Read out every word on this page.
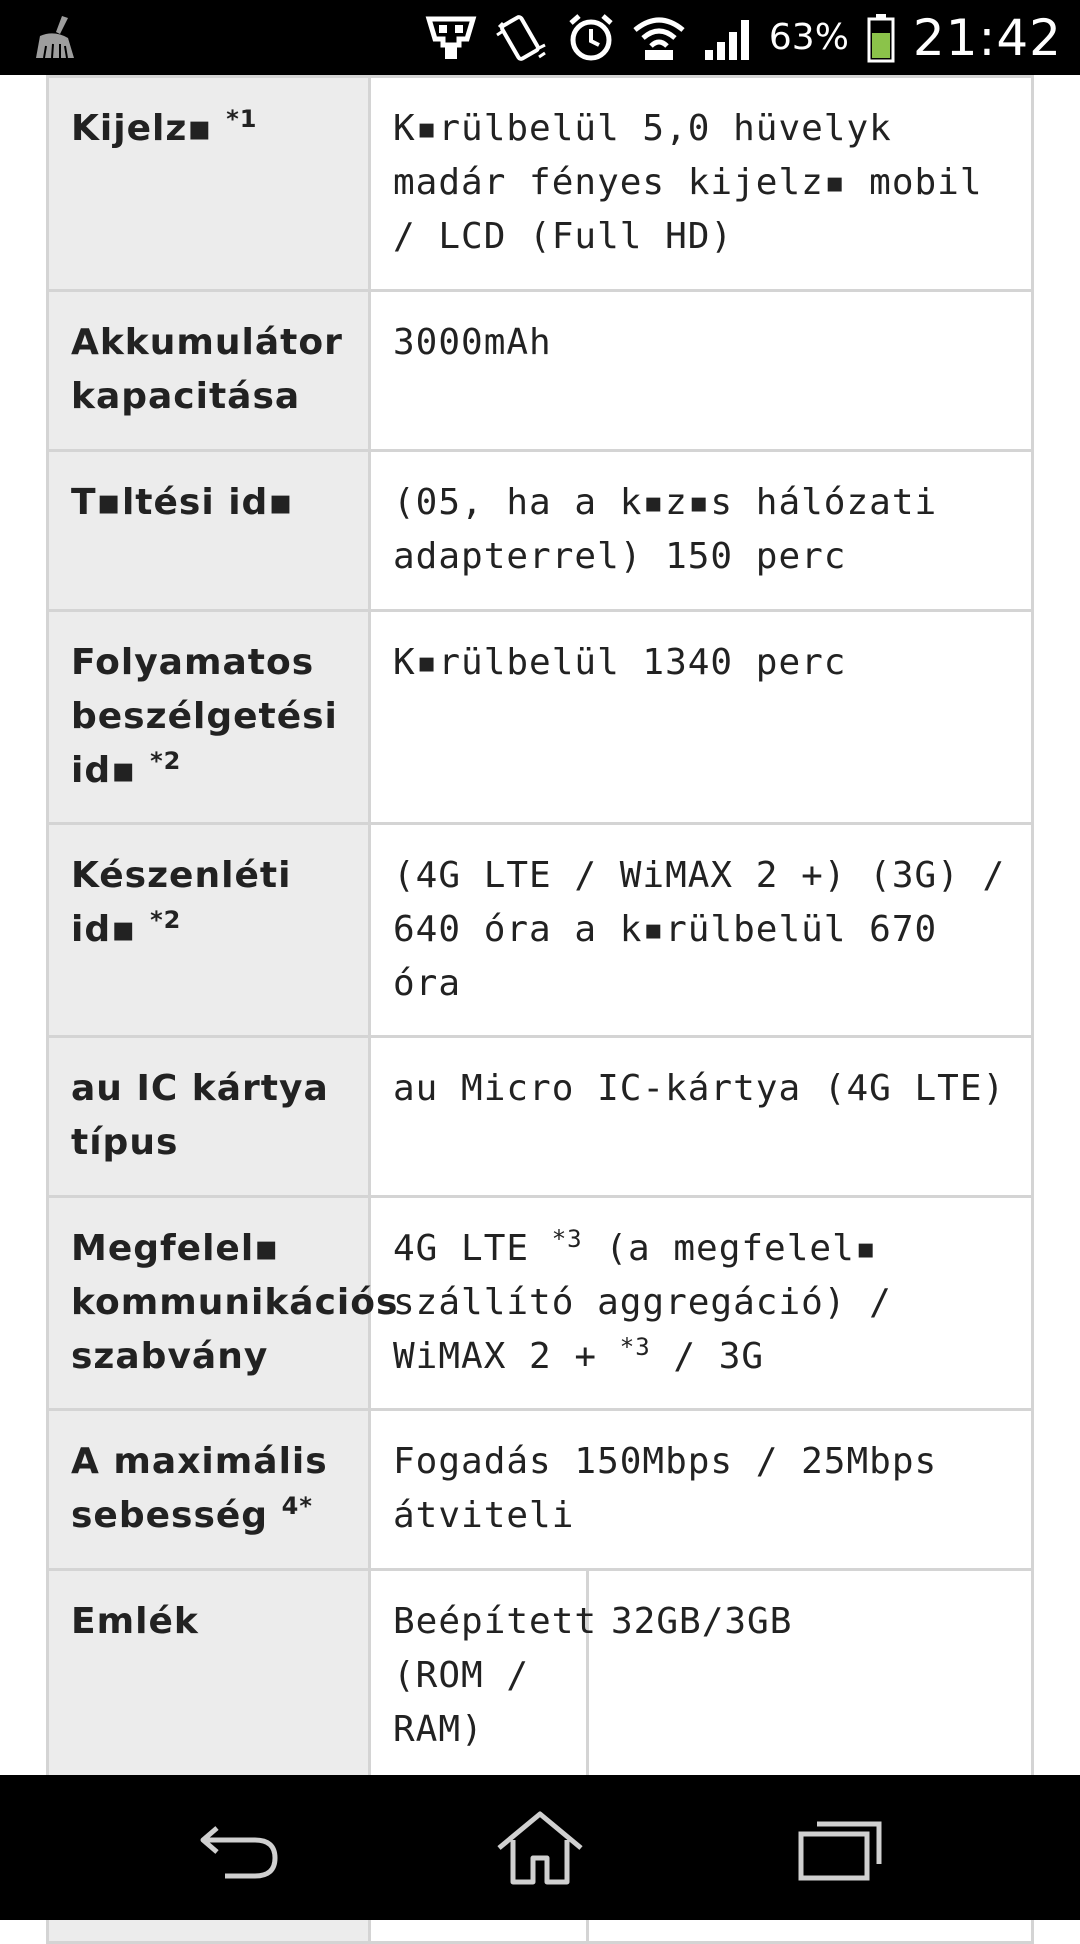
63% 21:42
Kijelz▪ $^{*1}$	K▪rülbelül 5,0 hüvelyk madár fényes kijelz▪ mobil / LCD (Full HD)	
Akkumulátor kapacitása	3000mAh	
T▪ltési id▪	(05, ha a k▪z▪s hálózati adapterrel) 150 perc	
Folyamatos beszélgetési id▪ $^{*2}$	K▪rülbelül 1340 perc	
Készenléti id▪ $^{*2}$	(4G LTE / WiMAX 2 +) (3G) / 640 óra a k▪rülbelül 670 óra	
au IC kártya típus	au Micro IC-kártya (4G LTE)	
Megfelel▪ kommunikációs szabvány	4G LTE $^{*3}$ (a megfelel▪ szállító aggregáció) / WiMAX 2 + $^{*3}$ / 3G	
A maximális sebesség $^{4*}$	Fogadás 150Mbps / 25Mbps átviteli	
Emlék	Beépített (ROM / RAM)	32GB/3GB
